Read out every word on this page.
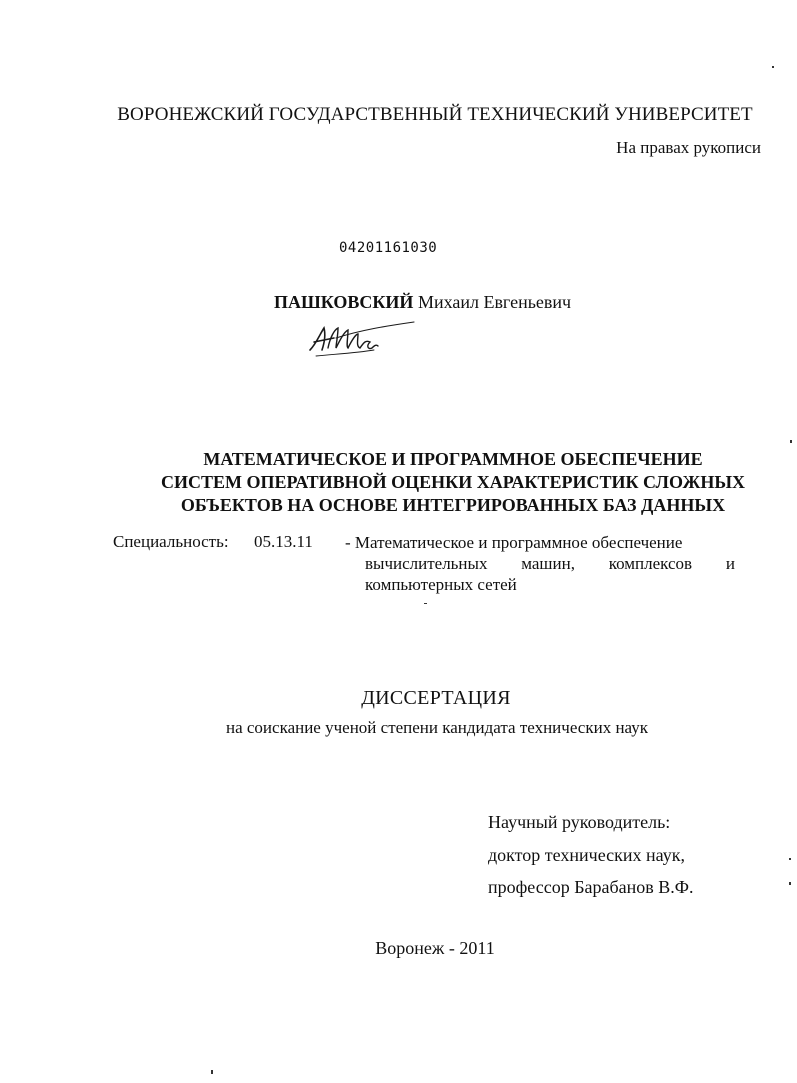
ВОРОНЕЖСКИЙ ГОСУДАРСТВЕННЫЙ ТЕХНИЧЕСКИЙ УНИВЕРСИТЕТ
На правах рукописи
04201161030
ПАШКОВСКИЙ Михаил Евгеньевич
МАТЕМАТИЧЕСКОЕ И ПРОГРАММНОЕ ОБЕСПЕЧЕНИЕ
СИСТЕМ ОПЕРАТИВНОЙ ОЦЕНКИ ХАРАКТЕРИСТИК СЛОЖНЫХ
ОБЪЕКТОВ НА ОСНОВЕ ИНТЕГРИРОВАННЫХ БАЗ ДАННЫХ
Специальность: 05.13.11 - Математическое и программное обеспечение
вычислительных машин, комплексов и
компьютерных сетей
ДИССЕРТАЦИЯ
на соискание ученой степени кандидата технических наук
Научный руководитель:
доктор технических наук,
профессор Барабанов В.Ф.
Воронеж - 2011
